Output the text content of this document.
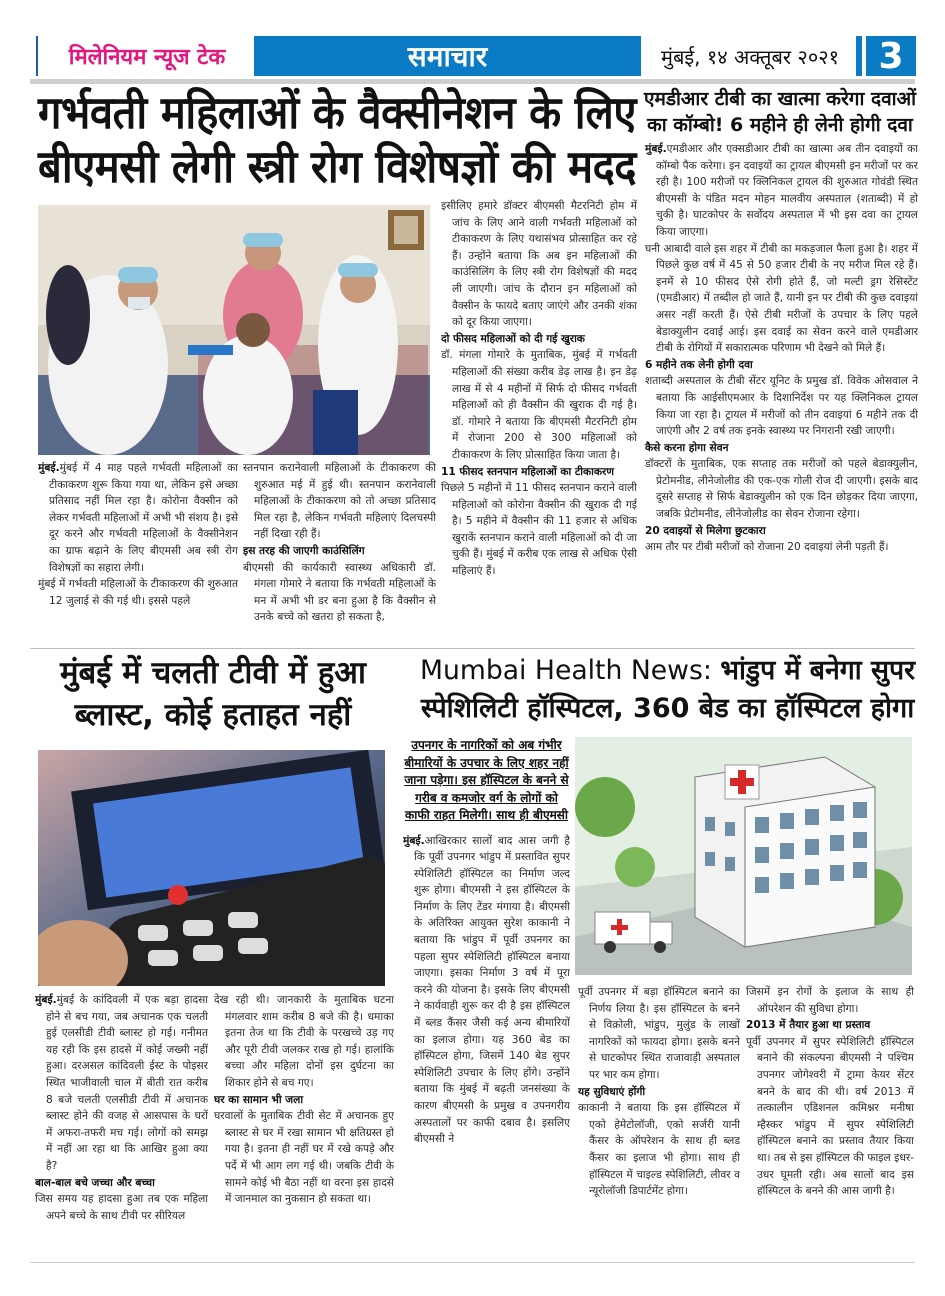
मिलेनियम न्यूज टेक	समाचार	मुंबई, १४ अक्तूबर २०२१	3
गर्भवती महिलाओं के वैक्सीनेशन के लिए
बीएमसी लेगी स्त्री रोग विशेषज्ञों की मदद

मुंबई.मुंबई में 4 माह पहले गर्भवती महिलाओं का टीकाकरण शुरू किया गया था, लेकिन इसे अच्छा प्रतिसाद नहीं मिल रहा है। कोरोना वैक्सीन को लेकर गर्भवती महिलाओं में अभी भी संशय है। इसे दूर करने और गर्भवती महिलाओं के वैक्सीनेशन का ग्राफ बढ़ाने के लिए बीएमसी अब स्त्री रोग विशेषज्ञों का सहारा लेगी।

मुंबई में गर्भवती महिलाओं के टीकाकरण की शुरुआत 12 जुलाई से की गई थी। इससे पहले

स्तनपान करानेवाली महिलाओं के टीकाकरण की शुरुआत मई में हुई थी। स्तनपान करानेवाली महिलाओं के टीकाकरण को तो अच्छा प्रतिसाद मिल रहा है, लेकिन गर्भवती महिलाएं दिलचस्पी नहीं दिखा रही हैं।

इस तरह की जाएगी काउंसिलिंग

बीएमसी की कार्यकारी स्वास्थ्य अधिकारी डॉ. मंगला गोमारे ने बताया कि गर्भवती महिलाओं के मन में अभी भी डर बना हुआ है कि वैक्सीन से उनके बच्चे को खतरा हो सकता है,

इसीलिए हमारे डॉक्टर बीएमसी मैटरनिटी होम में जांच के लिए आने वाली गर्भवती महिलाओं को टीकाकरण के लिए यथासंभव प्रोत्साहित कर रहे हैं। उन्होंने बताया कि अब इन महिलाओं की काउंसिलिंग के लिए स्त्री रोग विशेषज्ञों की मदद ली जाएगी। जांच के दौरान इन महिलाओं को वैक्सीन के फायदे बताए जाएंगे और उनकी शंका को दूर किया जाएगा।

दो फीसद महिलाओं को दी गई खुराक

डॉ. मंगला गोमारे के मुताबिक, मुंबई में गर्भवती महिलाओं की संख्या करीब डेढ़ लाख है। इन डेढ़ लाख में से 4 महीनों में सिर्फ दो फीसद गर्भवती महिलाओं को ही वैक्सीन की खुराक दी गई है। डॉ. गोमारे ने बताया कि बीएमसी मैटरनिटी होम में रोजाना 200 से 300 महिलाओं को टीकाकरण के लिए प्रोत्साहित किया जाता है।

11 फीसद स्तनपान महिलाओं का टीकाकरण

पिछले 5 महीनों में 11 फीसद स्तनपान कराने वाली महिलाओं को कोरोना वैक्सीन की खुराक दी गई है। 5 महीने में वैक्सीन की 11 हजार से अधिक खुराकें स्तनपान कराने वाली महिलाओं को दी जा चुकी हैं। मुंबई में करीब एक लाख से अधिक ऐसी महिलाएं हैं।

एमडीआर टीबी का खात्मा करेगा दवाओं
का कॉम्बो! 6 महीने ही लेनी होगी दवा

मुंबई.एमडीआर और एक्सडीआर टीबी का खात्मा अब तीन दवाइयों का कॉम्बो पैक करेगा। इन दवाइयों का ट्रायल बीएमसी इन मरीजों पर कर रही है। 100 मरीजों पर क्लिनिकल ट्रायल की शुरुआत गोवंडी स्थित बीएमसी के पंडित मदन मोहन मालवीय अस्पताल (शताब्दी) में हो चुकी है। घाटकोपर के सर्वोदय अस्पताल में भी इस दवा का ट्रायल किया जाएगा।

घनी आबादी वाले इस शहर में टीबी का मकड़जाल फैला हुआ है। शहर में पिछले कुछ वर्ष में 45 से 50 हजार टीबी के नए मरीज मिल रहे हैं। इनमें से 10 फीसद ऐसे रोगी होते हैं, जो मल्टी ड्रग रेसिस्टेंट (एमडीआर) में तब्दील हो जाते हैं, यानी इन पर टीबी की कुछ दवाइयां असर नहीं करती हैं। ऐसे टीबी मरीजों के उपचार के लिए पहले बेडाक्युलीन दवाई आई। इस दवाई का सेवन करने वाले एमडीआर टीबी के रोगियों में सकारात्मक परिणाम भी देखने को मिले हैं।

6 महीने तक लेनी होगी दवा

शताब्दी अस्पताल के टीबी सेंटर यूनिट के प्रमुख डॉ. विवेक ओसवाल ने बताया कि आईसीएमआर के दिशानिर्देश पर यह क्लिनिकल ट्रायल किया जा रहा है। ट्रायल में मरीजों को तीन दवाइयां 6 महीने तक दी जाएंगी और 2 वर्ष तक इनके स्वास्थ्य पर निगरानी रखी जाएगी।

कैसे करना होगा सेवन

डॉक्टरों के मुताबिक, एक सप्ताह तक मरीजों को पहले बेडाक्युलीन, प्रेटोमनीड, लीनेजोलीड की एक-एक गोली रोज दी जाएगी। इसके बाद दूसरे सप्ताह से सिर्फ बेडाक्युलीन को एक दिन छोड़कर दिया जाएगा, जबकि प्रेटोमनीड, लीनेजोलीड का सेवन रोजाना रहेगा।

20 दवाइयों से मिलेगा छुटकारा

आम तौर पर टीबी मरीजों को रोजाना 20 दवाइयां लेनी पड़ती हैं।

मुंबई में चलती टीवी में हुआ
ब्लास्ट, कोई हताहत नहीं

मुंबई.मुंबई के कांदिवली में एक बड़ा हादसा होने से बच गया, जब अचानक एक चलती हुई एलसीडी टीवी ब्लास्ट हो गई। गनीमत यह रही कि इस हादसे में कोई जख्मी नहीं हुआ। दरअसल कांदिवली ईस्ट के पोइसर स्थित भाजीवाली चाल में बीती रात करीब 8 बजे चलती एलसीडी टीवी में अचानक ब्लास्ट होने की वजह से आसपास के घरों में अफरा-तफरी मच गई। लोगों को समझ में नहीं आ रहा था कि आखिर हुआ क्या है?

बाल-बाल बचे जच्चा और बच्चा

जिस समय यह हादसा हुआ तब एक महिला अपने बच्चे के साथ टीवी पर सीरियल

देख रही थी। जानकारी के मुताबिक घटना मंगलवार शाम करीब 8 बजे की है। धमाका इतना तेज था कि टीवी के परखच्चे उड़ गए और पूरी टीवी जलकर राख हो गई। हालांकि बच्चा और महिला दोनों इस दुर्घटना का शिकार होने से बच गए।

घर का सामान भी जला

घरवालों के मुताबिक टीवी सेट में अचानक हुए ब्लास्ट से घर में रखा सामान भी क्षतिग्रस्त हो गया है। इतना ही नहीं घर में रखे कपड़े और पर्दे में भी आग लग गई थी। जबकि टीवी के सामने कोई भी बैठा नहीं था वरना इस हादसे में जानमाल का नुकसान हो सकता था।

Mumbai Health News: भांडुप में बनेगा सुपर
स्पेशिलिटी हॉस्पिटल, 360 बेड का हॉस्पिटल होगा
उपनगर के नागरिकों को अब गंभीर बीमारियों के उपचार के लिए शहर नहीं जाना पड़ेगा। इस हॉस्पिटल के बनने से गरीब व कमजोर वर्ग के लोगों को काफी राहत मिलेगी। साथ ही बीएमसी

मुंबई.आखिरकार सालों बाद आस जगी है कि पूर्वी उपनगर भांडुप में प्रस्तावित सुपर स्पेशिलिटी हॉस्पिटल का निर्माण जल्द शुरू होगा। बीएमसी ने इस हॉस्पिटल के निर्माण के लिए टेंडर मंगाया है। बीएमसी के अतिरिक्त आयुक्त सुरेश काकानी ने बताया कि भांडुप में पूर्वी उपनगर का पहला सुपर स्पेशिलिटी हॉस्पिटल बनाया जाएगा। इसका निर्माण 3 वर्ष में पूरा करने की योजना है। इसके लिए बीएमसी ने कार्यवाही शुरू कर दी है इस हॉस्पिटल में ब्लड कैंसर जैसी कई अन्य बीमारियों का इलाज होगा। यह 360 बेड का हॉस्पिटल होगा, जिसमें 140 बेड सुपर स्पेशिलिटी उपचार के लिए होंगे। उन्होंने बताया कि मुंबई में बढ़ती जनसंख्या के कारण बीएमसी के प्रमुख व उपनगरीय अस्पतालों पर काफी दबाव है। इसलिए बीएमसी ने

पूर्वी उपनगर में बड़ा हॉस्पिटल बनाने का निर्णय लिया है। इस हॉस्पिटल के बनने से विक्रोली, भांडुप, मुलुंड के लाखों नागरिकों को फायदा होगा। इसके बनने से घाटकोपर स्थित राजावाड़ी अस्पताल पर भार कम होगा।

यह सुविधाएं होंगी

काकानी ने बताया कि इस हॉस्पिटल में एको हेमेटोलॉजी, एको सर्जरी यानी कैंसर के ऑपरेशन के साथ ही ब्लड कैंसर का इलाज भी होगा। साथ ही हॉस्पिटल में चाइल्ड स्पेशिलिटी, लीवर व न्यूरोलॉजी डिपार्टमेंट होगा।

जिसमें इन रोगों के इलाज के साथ ही ऑपरेशन की सुविधा होगा।

2013 में तैयार हुआ था प्रस्ताव

पूर्वी उपनगर में सुपर स्पेशिलिटी हॉस्पिटल बनाने की संकल्पना बीएमसी ने पश्चिम उपनगर जोगेश्वरी में ट्रामा केयर सेंटर बनने के बाद की थी। वर्ष 2013 में तत्कालीन एडिशनल कमिश्नर मनीषा म्हैस्कर भांडुप में सुपर स्पेशिलिटी हॉस्पिटल बनाने का प्रस्ताव तैयार किया था। तब से इस हॉस्पिटल की फाइल इधर-उधर घूमती रही। अब सालों बाद इस हॉस्पिटल के बनने की आस जागी है।
